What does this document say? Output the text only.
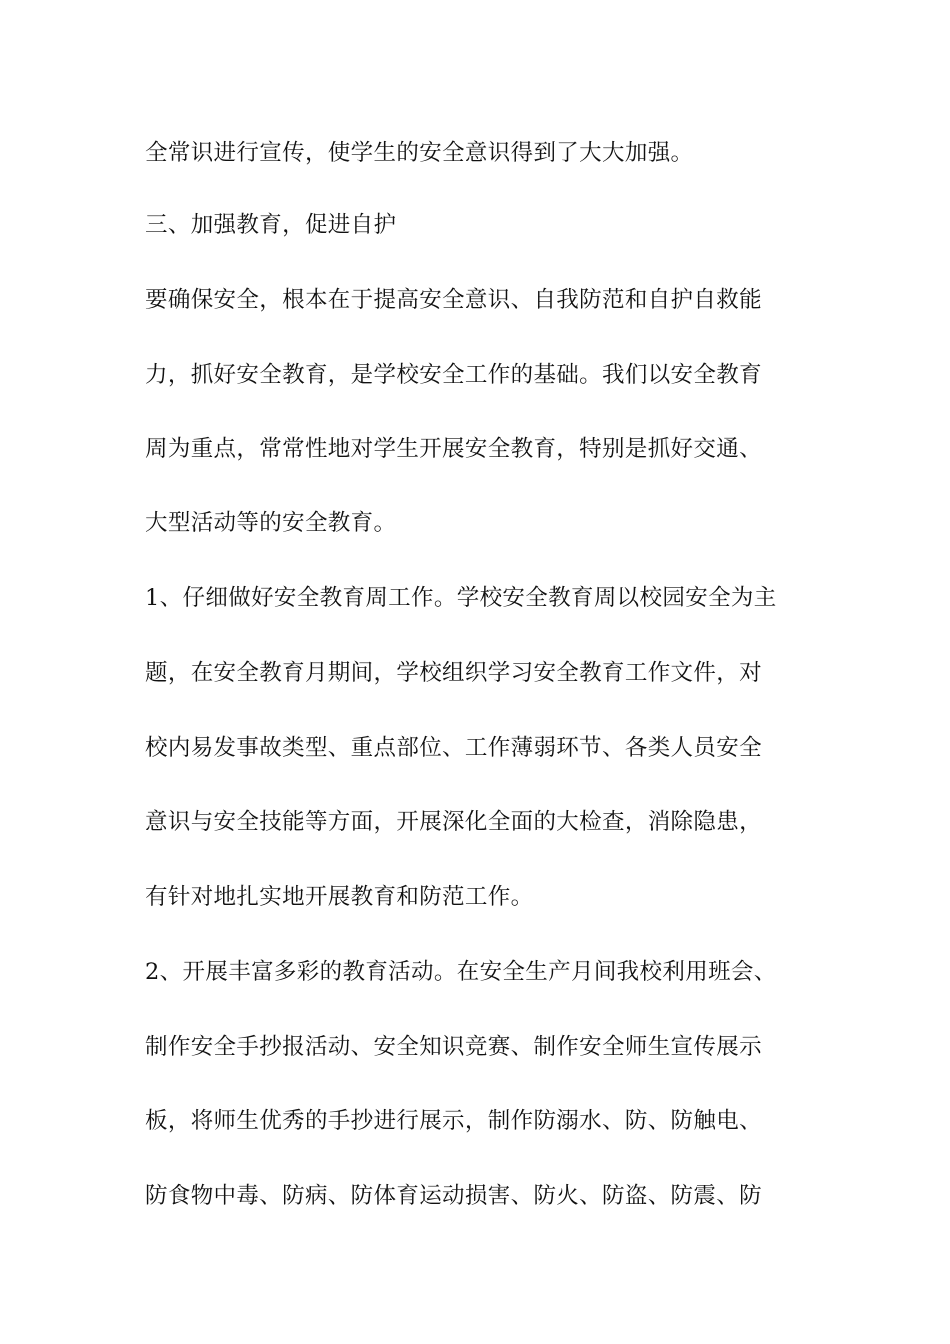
全常识进行宣传，使学生的安全意识得到了大大加强。
三、加强教育，促进自护
要确保安全，根本在于提高安全意识、自我防范和自护自救能
力，抓好安全教育，是学校安全工作的基础。我们以安全教育
周为重点，常常性地对学生开展安全教育，特别是抓好交通、
大型活动等的安全教育。
1、仔细做好安全教育周工作。学校安全教育周以校园安全为主
题，在安全教育月期间，学校组织学习安全教育工作文件，对
校内易发事故类型、重点部位、工作薄弱环节、各类人员安全
意识与安全技能等方面，开展深化全面的大检查，消除隐患，
有针对地扎实地开展教育和防范工作。
2、开展丰富多彩的教育活动。在安全生产月间我校利用班会、
制作安全手抄报活动、安全知识竞赛、制作安全师生宣传展示
板，将师生优秀的手抄进行展示，制作防溺水、防、防触电、
防食物中毒、防病、防体育运动损害、防火、防盗、防震、防
